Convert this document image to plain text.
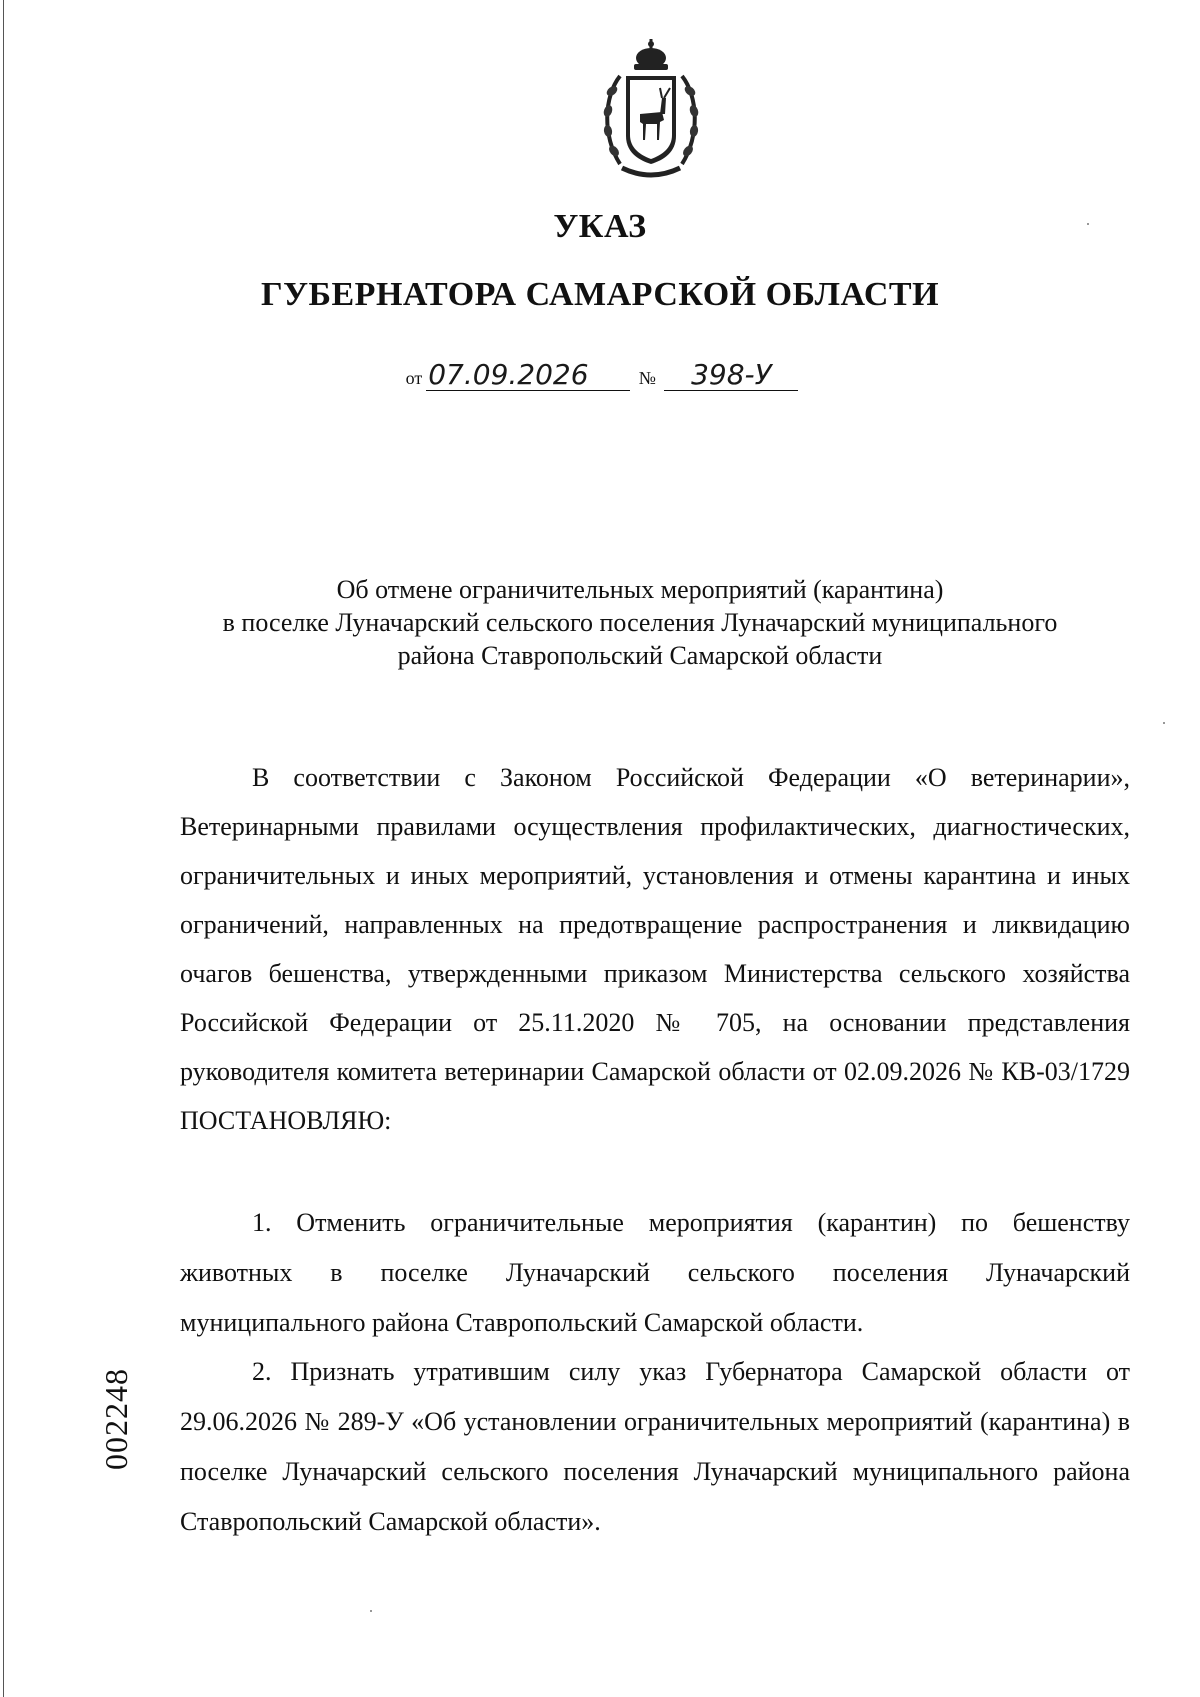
УКАЗ
ГУБЕРНАТОРА САМАРСКОЙ ОБЛАСТИ
от 07.09.2026	№ 398-У
Об отмене ограничительных мероприятий (карантина)
в поселке Луначарский сельского поселения Луначарский муниципального
района Ставропольский Самарской области

В соответствии с Законом Российской Федерации «О ветеринарии», Ветеринарными правилами осуществления профилактических, диагностических, ограничительных и иных мероприятий, установления и отмены карантина и иных ограничений, направленных на предотвращение распространения и ликвидацию очагов бешенства, утвержденными приказом Министерства сельского хозяйства Российской Федерации от 25.11.2020 № 705, на основании представления руководителя комитета ветеринарии Самарской области от 02.09.2026 № КВ-03/1729

ПОСТАНОВЛЯЮ:

1. Отменить ограничительные мероприятия (карантин) по бешенству животных в поселке Луначарский сельского поселения Луначарский муниципального района Ставропольский Самарской области.

2. Признать утратившим силу указ Губернатора Самарской области от 29.06.2026 № 289-У «Об установлении ограничительных мероприятий (карантина) в поселке Луначарский сельского поселения Луначарский муниципального района Ставропольский Самарской области».

002248
